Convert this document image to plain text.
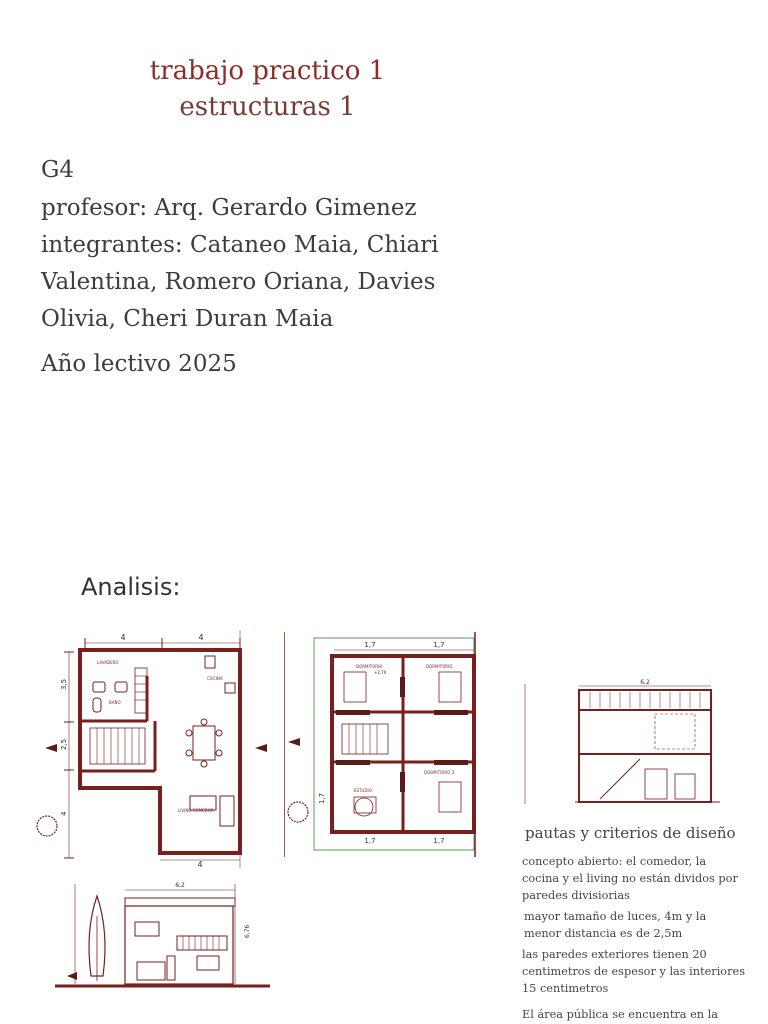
trabajo practico 1
estructuras 1
G4
profesor: Arq. Gerardo Gimenez
integrantes: Cataneo Maia, Chiari
Valentina, Romero Oriana, Davies
Olivia, Cheri Duran Maia
Año lectivo 2025
Analisis:
4	4
3,5
2,5
4
4
LAVADERO
BAÑO
COCINA
LIVING COMEDOR
1,7	1,7
1,7	1,7
1,7
DORMITORIO	DORMITORIO
ESTUDIO
DORMITORIO 3
+2,70
6,2
6,2
6,76
pautas y criterios de diseño
concepto abierto: el comedor, la cocina y el living no están dividos por paredes divisiorias
mayor tamaño de luces, 4m y la menor distancia es de 2,5m
las paredes exteriores tienen 20 centimetros de espesor y las interiores 15 centimetros
El área pública se encuentra en la
